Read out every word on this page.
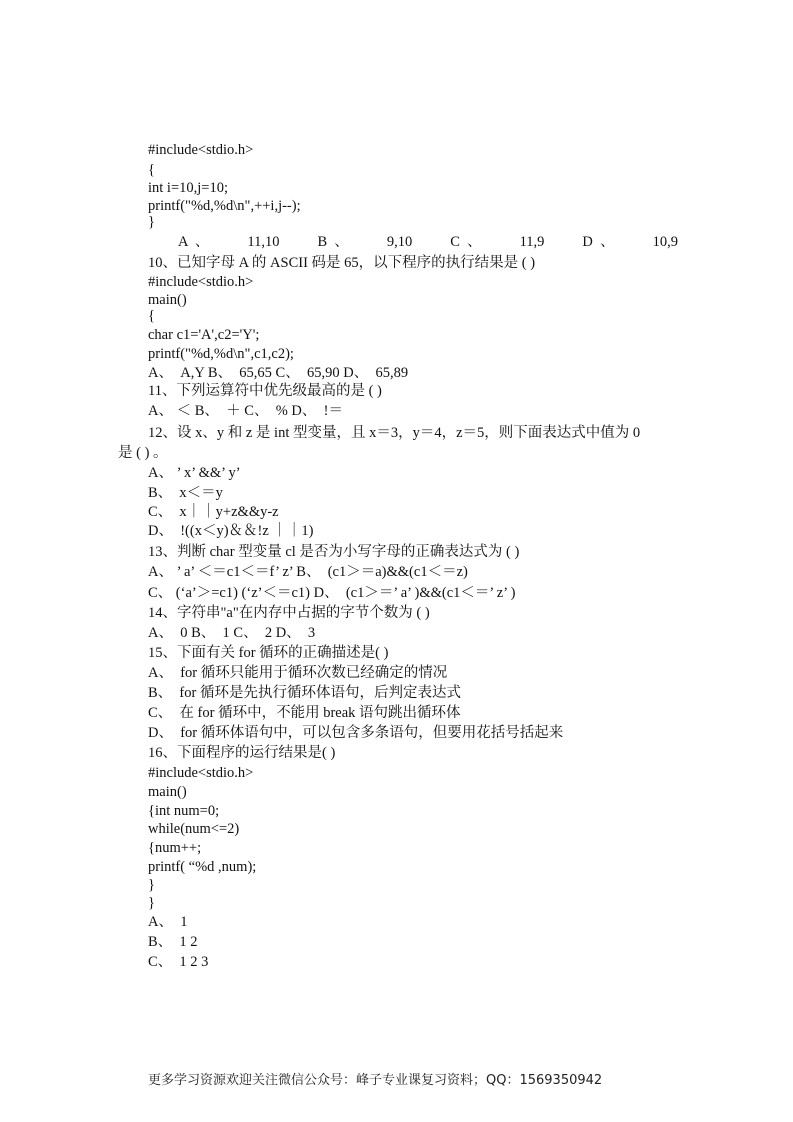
#include<stdio.h>
{
int i=10,j=10;
printf("%d,%d\n",++i,j--);
}
A  、	11,10	B  、	9,10	C  、	11,9	D  、	10,9
10、已知字母 A 的 ASCII 码是 65，以下程序的执行结果是 ( )
#include<stdio.h>
main()
{
char c1='A',c2='Y';
printf("%d,%d\n",c1,c2);
A、  A,Y B、  65,65 C、  65,90 D、  65,89
11、下列运算符中优先级最高的是 ( )
A、 ＜ B、  ＋ C、  % D、  !＝
12、设 x、y 和 z 是 int 型变量，且 x＝3，y＝4，z＝5，则下面表达式中值为 0
是 ( ) 。
A、 ’ x’ &&’ y’
B、  x＜＝y
C、  x｜｜y+z&&y-z
D、  !((x＜y)＆＆!z ｜｜1)
13、判断 char 型变量 cl 是否为小写字母的正确表达式为 ( )
A、 ’ a’ ＜＝c1＜＝f’ z’ B、  (c1＞＝a)&&(c1＜＝z)
C、 (‘a’＞=c1) (‘z’＜＝c1) D、  (c1＞＝’ a’ )&&(c1＜＝’ z’ )
14、字符串"a"在内存中占据的字节个数为 ( )
A、  0 B、  1 C、  2 D、  3
15、下面有关 for 循环的正确描述是( )
A、  for 循环只能用于循环次数已经确定的情况
B、  for 循环是先执行循环体语句，后判定表达式
C、  在 for 循环中，不能用 break 语句跳出循环体
D、  for 循环体语句中，可以包含多条语句，但要用花括号括起来
16、下面程序的运行结果是( )
#include<stdio.h>
main()
{int num=0;
while(num<=2)
{num++;
printf( “%d ,num);
}
}
A、  1
B、  1 2
C、  1 2 3
更多学习资源欢迎关注微信公众号：峰子专业课复习资料；QQ：1569350942
